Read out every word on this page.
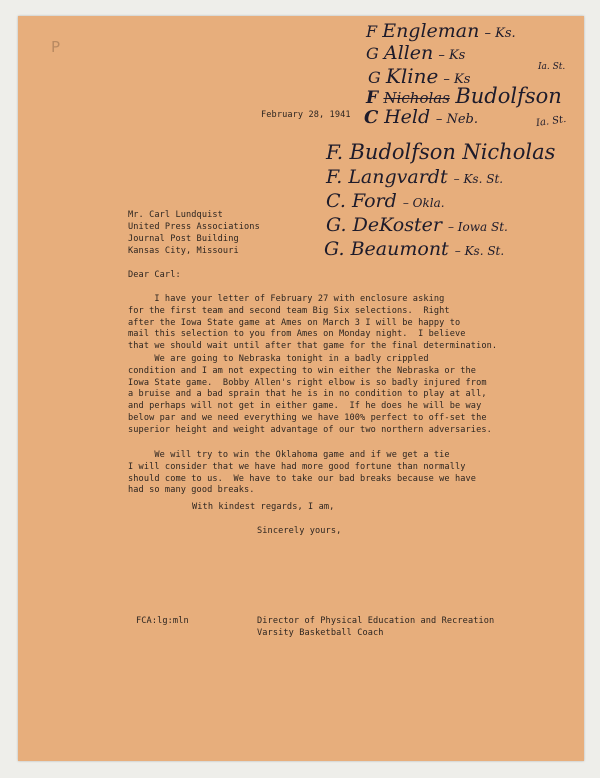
P
F Engleman – Ks.
G Allen – Ks
G Kline – Ks
F Nicholas Budolfson
Ia. St.
C Held – Neb.
February 28, 1941
F. Budolfson Nicholas
Ia. St.
F. Langvardt – Ks. St.
C. Ford – Okla.
G. DeKoster – Iowa St.
G. Beaumont – Ks. St.
Mr. Carl Lundquist
United Press Associations
Journal Post Building
Kansas City, Missouri
Dear Carl:
I have your letter of February 27 with enclosure asking
for the first team and second team Big Six selections.  Right
after the Iowa State game at Ames on March 3 I will be happy to
mail this selection to you from Ames on Monday night.  I believe
that we should wait until after that game for the final determination.
We are going to Nebraska tonight in a badly crippled
condition and I am not expecting to win either the Nebraska or the
Iowa State game.  Bobby Allen's right elbow is so badly injured from
a bruise and a bad sprain that he is in no condition to play at all,
and perhaps will not get in either game.  If he does he will be way
below par and we need everything we have 100% perfect to off-set the
superior height and weight advantage of our two northern adversaries.
We will try to win the Oklahoma game and if we get a tie
I will consider that we have had more good fortune than normally
should come to us.  We have to take our bad breaks because we have
had so many good breaks.
With kindest regards, I am,
Sincerely yours,
FCA:lg:mln	Director of Physical Education and Recreation
Varsity Basketball Coach
